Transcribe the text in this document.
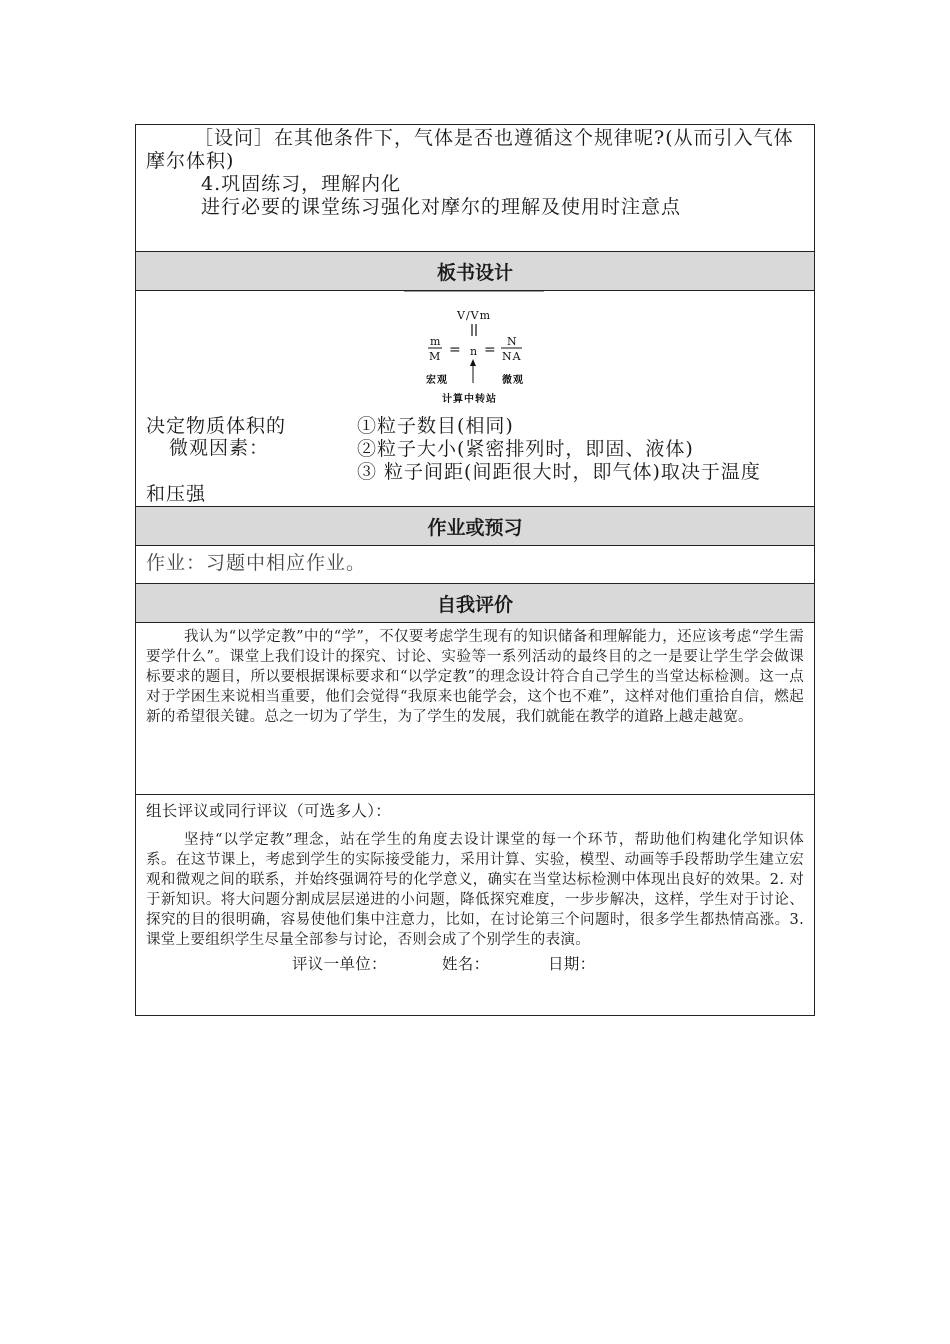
［设问］在其他条件下，气体是否也遵循这个规律呢?(从而引入气体摩尔体积)

4.巩固练习，理解内化

进行必要的课堂练习强化对摩尔的理解及使用时注意点

板书设计
V/Vm
m
M = n =
N
NA
宏观	微观
计算中转站
决定物质体积的
微观因素：
①粒子数目(相同)
②粒子大小(紧密排列时，即固、液体)
③ 粒子间距(间距很大时，即气体)取决于温度
和压强
作业或预习
作业：习题中相应作业。
自我评价

我认为“以学定教”中的“学”，不仅要考虑学生现有的知识储备和理解能力，还应该考虑“学生需要学什么”。课堂上我们设计的探究、讨论、实验等一系列活动的最终目的之一是要让学生学会做课标要求的题目，所以要根据课标要求和“以学定教”的理念设计符合自己学生的当堂达标检测。这一点对于学困生来说相当重要，他们会觉得“我原来也能学会，这个也不难”，这样对他们重拾自信，燃起新的希望很关键。总之一切为了学生，为了学生的发展，我们就能在教学的道路上越走越宽。

组长评议或同行评议（可选多人）：

坚持“以学定教”理念，站在学生的角度去设计课堂的每一个环节，帮助他们构建化学知识体系。在这节课上，考虑到学生的实际接受能力，采用计算、实验，模型、动画等手段帮助学生建立宏观和微观之间的联系，并始终强调符号的化学意义，确实在当堂达标检测中体现出良好的效果。2. 对于新知识。将大问题分割成层层递进的小问题，降低探究难度，一步步解决，这样，学生对于讨论、探究的目的很明确，容易使他们集中注意力，比如，在讨论第三个问题时，很多学生都热情高涨。3. 课堂上要组织学生尽量全部参与讨论，否则会成了个别学生的表演。

评议一单位：	姓名：	日期：
